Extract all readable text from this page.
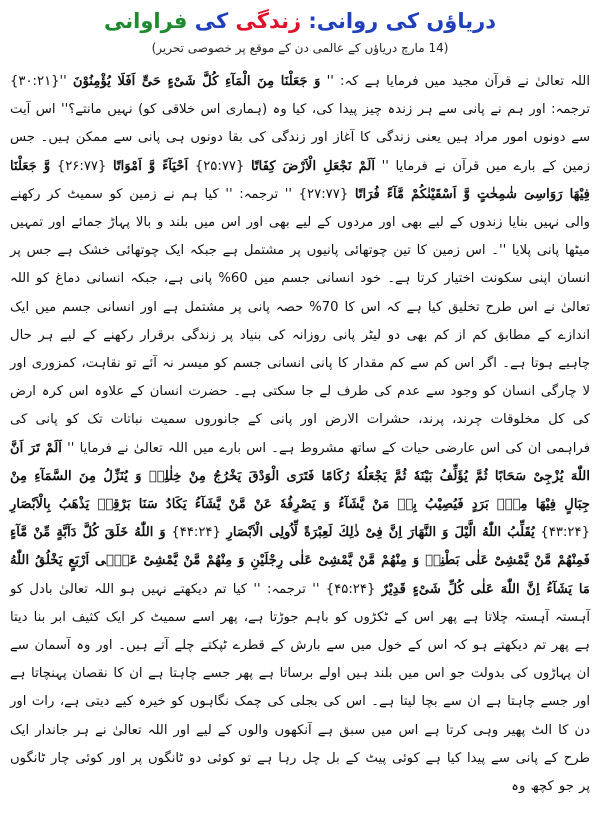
دریاؤں کی روانی: زندگی کی فراوانی
(14 مارچ دریاؤں کے عالمی دن کے موقع پر خصوصی تحریر)

اللہ تعالیٰ نے قرآن مجید میں فرمایا ہے کہ: '' وَ جَعَلْنَا مِنَ الْمَآءِ كُلَّ شَیْءٍ حَیٍّ اَفَلَا یُؤْمِنُوْنَ ''{۳۰:۲۱} ترجمہ: اور ہم نے پانی سے ہر زندہ چیز پیدا کی، کیا وہ (ہماری اس خلاقی کو) نہیں مانتے؟'' اس آیت سے دونوں امور مراد ہیں یعنی زندگی کا آغاز اور زندگی کی بقا دونوں ہی پانی سے ممکن ہیں۔ جس زمین کے بارے میں قرآن نے فرمایا '' اَلَمْ نَجْعَلِ الْاَرْضَ كِفَاتًا {۲۵:۷۷} اَحْیَآءً وَّ اَمْوَاتًا {۲۶:۷۷} وَّ جَعَلْنَا فِیْهَا رَوَاسِیَ شٰمِخٰتٍ وَّ اَسْقَیْنٰكُمْ مَّآءً فُرَاتًا {۲۷:۷۷} '' ترجمہ: '' کیا ہم نے زمین کو سمیٹ کر رکھنے والی نہیں بنایا زندوں کے لیے بھی اور مردوں کے لیے بھی اور اس میں بلند و بالا پہاڑ جمائے اور تمہیں میٹھا پانی پلایا ''۔ اس زمین کا تین چوتھائی پانیوں پر مشتمل ہے جبکہ ایک چوتھائی خشک ہے جس پر انسان اپنی سکونت اختیار کرتا ہے۔ خود انسانی جسم میں 60% پانی ہے، جبکہ انسانی دماغ کو اللہ تعالیٰ نے اس طرح تخلیق کیا ہے کہ اس کا 70% حصہ پانی پر مشتمل ہے اور انسانی جسم میں ایک اندازے کے مطابق کم از کم بھی دو لیٹر پانی روزانہ کی بنیاد پر زندگی برقرار رکھنے کے لیے ہر حال چاہیے ہوتا ہے۔ اگر اس کم سے کم مقدار کا پانی انسانی جسم کو میسر نہ آئے تو نقاہت، کمزوری اور لا چارگی انسان کو وجود سے عدم کی طرف لے جا سکتی ہے۔ حضرت انسان کے علاوہ اس کرہ ارض کی کل مخلوقات چرند، پرند، حشرات الارض اور پانی کے جانوروں سمیت نباتات تک کو پانی کی فراہمی ان کی اس عارضی حیات کے ساتھ مشروط ہے۔ اس بارے میں اللہ تعالیٰ نے فرمایا '' اَلَمْ تَرَ اَنَّ اللّٰهَ یُزْجِیْ سَحَابًا ثُمَّ یُؤَلِّفُ بَیْنَهٗ ثُمَّ یَجْعَلُهٗ رُكَامًا فَتَرَى الْوَدْقَ یَخْرُجُ مِنْ خِلٰلِهٖ وَ یُنَزِّلُ مِنَ السَّمَآءِ مِنْ جِبَالٍ فِیْهَا مِنْۢ بَرَدٍ فَیُصِیْبُ بِهٖ مَنْ یَّشَآءُ وَ یَصْرِفُهٗ عَنْ مَّنْ یَّشَآءُ یَكَادُ سَنَا بَرْقِهٖ یَذْهَبُ بِالْاَبْصَارِ {۴۳:۲۴} یُقَلِّبُ اللّٰهُ الَّیْلَ وَ النَّهَارَ اِنَّ فِیْ ذٰلِكَ لَعِبْرَةً لِّاُولِی الْاَبْصَارِ {۴۴:۲۴} وَ اللّٰهُ خَلَقَ كُلَّ دَآبَّةٍ مِّنْ مَّآءٍ فَمِنْهُمْ مَّنْ یَّمْشِیْ عَلٰى بَطْنِهٖ وَ مِنْهُمْ مَّنْ یَّمْشِیْ عَلٰى رِجْلَیْنِ وَ مِنْهُمْ مَّنْ یَّمْشِیْ عَلٰۤى اَرْبَعٍ یَخْلُقُ اللّٰهُ مَا یَشَآءُ اِنَّ اللّٰهَ عَلٰى كُلِّ شَیْءٍ قَدِیْرٌ {۴۵:۲۴} '' ترجمہ: '' کیا تم دیکھتے نہیں ہو اللہ تعالیٰ بادل کو آہستہ آہستہ چلاتا ہے پھر اس کے ٹکڑوں کو باہم جوڑتا ہے، پھر اسے سمیٹ کر ایک کثیف ابر بنا دیتا ہے پھر تم دیکھتے ہو کہ اس کے خول میں سے بارش کے قطرے ٹپکتے چلے آتے ہیں۔ اور وہ آسمان سے ان پہاڑوں کی بدولت جو اس میں بلند ہیں اولے برساتا ہے پھر جسے چاہتا ہے ان کا نقصان پہنچاتا ہے اور جسے چاہتا ہے ان سے بچا لیتا ہے۔ اس کی بجلی کی چمک نگاہوں کو خیرہ کیے دیتی ہے، رات اور دن کا الٹ پھیر وہی کرتا ہے اس میں سبق ہے آنکھوں والوں کے لیے اور اللہ تعالیٰ نے ہر جاندار ایک طرح کے پانی سے پیدا کیا ہے کوئی پیٹ کے بل چل رہا ہے تو کوئی دو ٹانگوں پر اور کوئی چار ٹانگوں پر جو کچھ وہ
